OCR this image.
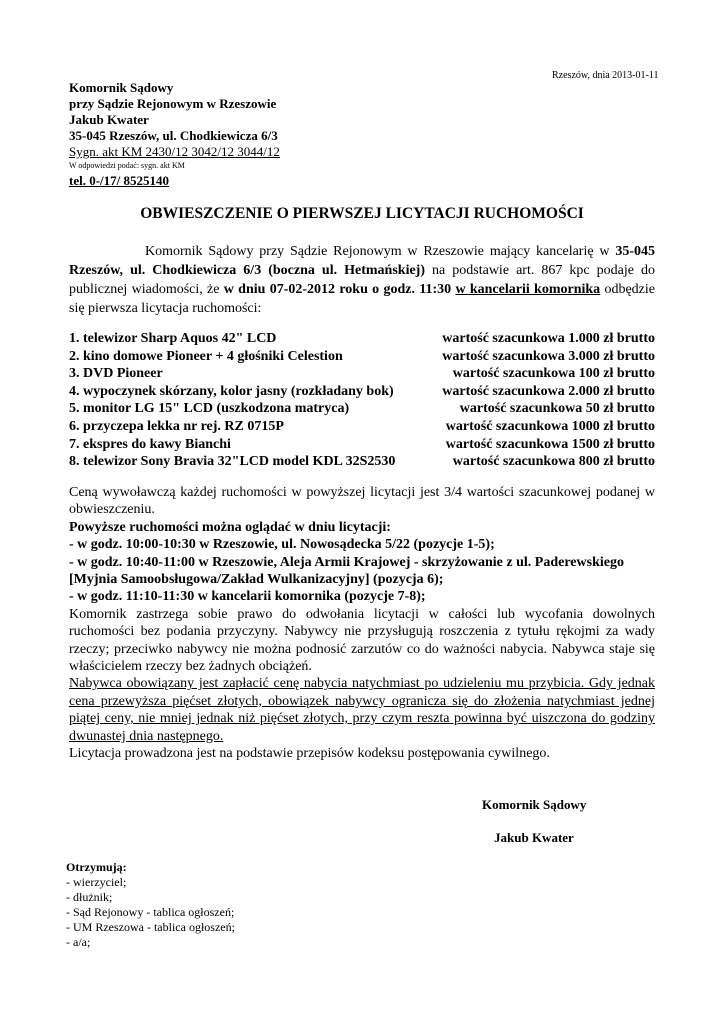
Rzeszów, dnia 2013-01-11
Komornik Sądowy
przy Sądzie Rejonowym w Rzeszowie
Jakub Kwater
35-045 Rzeszów, ul. Chodkiewicza 6/3
Sygn. akt KM 2430/12 3042/12 3044/12
W odpowiedzi podać: sygn. akt KM
tel. 0-/17/ 8525140
OBWIESZCZENIE O PIERWSZEJ LICYTACJI RUCHOMOŚCI
Komornik Sądowy przy Sądzie Rejonowym w Rzeszowie mający kancelarię w 35-045 Rzeszów, ul. Chodkiewicza 6/3 (boczna ul. Hetmańskiej) na podstawie art. 867 kpc podaje do publicznej wiadomości, że w dniu 07-02-2012 roku o godz. 11:30 w kancelarii komornika odbędzie się pierwsza licytacja ruchomości:
1. telewizor Sharp Aquos 42" LCD	wartość szacunkowa 1.000 zł brutto
2. kino domowe Pioneer + 4 głośniki Celestion	wartość szacunkowa 3.000 zł brutto
3. DVD Pioneer	wartość szacunkowa 100 zł brutto
4. wypoczynek skórzany, kolor jasny (rozkładany bok)	wartość szacunkowa 2.000 zł brutto
5. monitor LG 15" LCD (uszkodzona matryca)	wartość szacunkowa 50 zł brutto
6. przyczepa lekka nr rej. RZ 0715P	wartość szacunkowa 1000 zł brutto
7. ekspres do kawy Bianchi	wartość szacunkowa 1500 zł brutto
8. telewizor Sony Bravia 32"LCD model KDL 32S2530	wartość szacunkowa 800 zł brutto

Ceną wywoławczą każdej ruchomości w powyższej licytacji jest 3/4 wartości szacunkowej podanej w obwieszczeniu.

Powyższe ruchomości można oglądać w dniu licytacji:

- w godz. 10:00-10:30 w Rzeszowie, ul. Nowosądecka 5/22 (pozycje 1-5);

- w godz. 10:40-11:00 w Rzeszowie, Aleja Armii Krajowej - skrzyżowanie z ul. Paderewskiego [Myjnia Samoobsługowa/Zakład Wulkanizacyjny] (pozycja 6);

- w godz. 11:10-11:30 w kancelarii komornika (pozycje 7-8);

Komornik zastrzega sobie prawo do odwołania licytacji w całości lub wycofania dowolnych ruchomości bez podania przyczyny. Nabywcy nie przysługują roszczenia z tytułu rękojmi za wady rzeczy; przeciwko nabywcy nie można podnosić zarzutów co do ważności nabycia. Nabywca staje się właścicielem rzeczy bez żadnych obciążeń.

Nabywca obowiązany jest zapłacić cenę nabycia natychmiast po udzieleniu mu przybicia. Gdy jednak cena przewyższa pięćset złotych, obowiązek nabywcy ogranicza się do złożenia natychmiast jednej piątej ceny, nie mniej jednak niż pięćset złotych, przy czym reszta powinna być uiszczona do godziny dwunastej dnia następnego.

Licytacja prowadzona jest na podstawie przepisów kodeksu postępowania cywilnego.

Komornik Sądowy
Jakub Kwater
Otrzymują:
- wierzyciel;
- dłużnik;
- Sąd Rejonowy - tablica ogłoszeń;
- UM Rzeszowa - tablica ogłoszeń;
- a/a;
